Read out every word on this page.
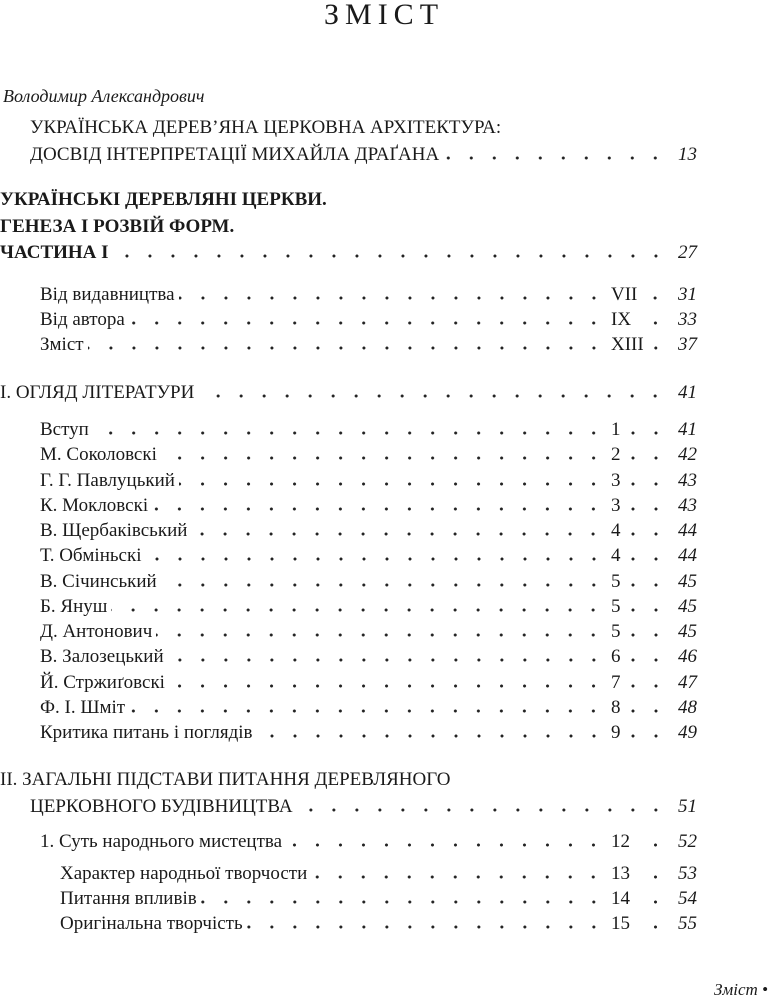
ЗМІСТ
Володимир Александрович
УКРАЇНСЬКА ДЕРЕВ’ЯНА ЦЕРКОВНА АРХІТЕКТУРА:
ДОСВІД ІНТЕРПРЕТАЦІЇ МИХАЙЛА ДРАҐАНА	13
УКРАЇНСЬКІ ДЕРЕВЛЯНІ ЦЕРКВИ.
ГЕНЕЗА І РОЗВІЙ ФОРМ.
ЧАСТИНА І	27
Від видавництва	VII	31
Від автора	IX	33
Зміст	XIII	37
I. ОГЛЯД ЛІТЕРАТУРИ	41
Вступ	1	41
М. Соколовскі	2	42
Г. Г. Павлуцький	3	43
К. Мокловскі	3	43
В. Щербаківський	4	44
Т. Обміньскі	4	44
В. Січинський	5	45
Б. Януш	5	45
Д. Антонович	5	45
В. Залозецький	6	46
Й. Стржиґовскі	7	47
Ф. І. Шміт	8	48
Критика питань і поглядів	9	49
II. ЗАГАЛЬНІ ПІДСТАВИ ПИТАННЯ ДЕРЕВЛЯНОГО
ЦЕРКОВНОГО БУДІВНИЦТВА	51
1. Суть народнього мистецтва	12	52
Характер народньої творчости	13	53
Питання впливів	14	54
Оригінальна творчість	15	55
Зміст •
